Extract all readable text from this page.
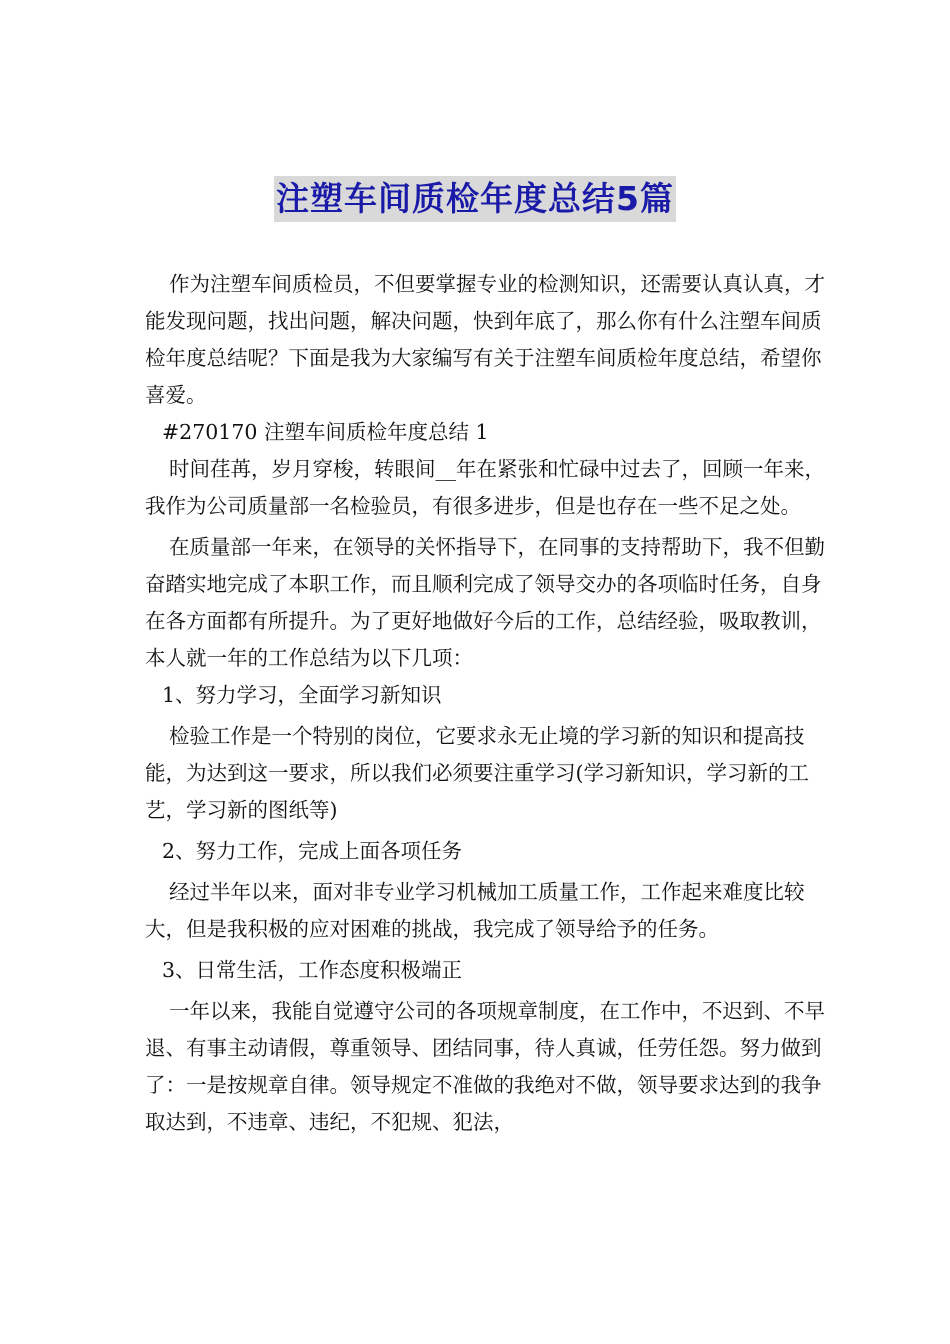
注塑车间质检年度总结5篇

作为注塑车间质检员，不但要掌握专业的检测知识，还需要认真认真，才能发现问题，找出问题，解决问题，快到年底了，那么你有什么注塑车间质检年度总结呢？下面是我为大家编写有关于注塑车间质检年度总结，希望你喜爱。

#270170 注塑车间质检年度总结 1

时间荏苒，岁月穿梭，转眼间__年在紧张和忙碌中过去了，回顾一年来，我作为公司质量部一名检验员，有很多进步，但是也存在一些不足之处。

在质量部一年来，在领导的关怀指导下，在同事的支持帮助下，我不但勤奋踏实地完成了本职工作，而且顺利完成了领导交办的各项临时任务，自身在各方面都有所提升。为了更好地做好今后的工作，总结经验，吸取教训，本人就一年的工作总结为以下几项：

1、努力学习，全面学习新知识

检验工作是一个特别的岗位，它要求永无止境的学习新的知识和提高技能，为达到这一要求，所以我们必须要注重学习(学习新知识，学习新的工艺，学习新的图纸等)

2、努力工作，完成上面各项任务

经过半年以来，面对非专业学习机械加工质量工作，工作起来难度比较大，但是我积极的应对困难的挑战，我完成了领导给予的任务。

3、日常生活，工作态度积极端正

一年以来，我能自觉遵守公司的各项规章制度，在工作中，不迟到、不早退、有事主动请假，尊重领导、团结同事，待人真诚，任劳任怨。努力做到了：一是按规章自律。领导规定不准做的我绝对不做，领导要求达到的我争取达到，不违章、违纪，不犯规、犯法，
